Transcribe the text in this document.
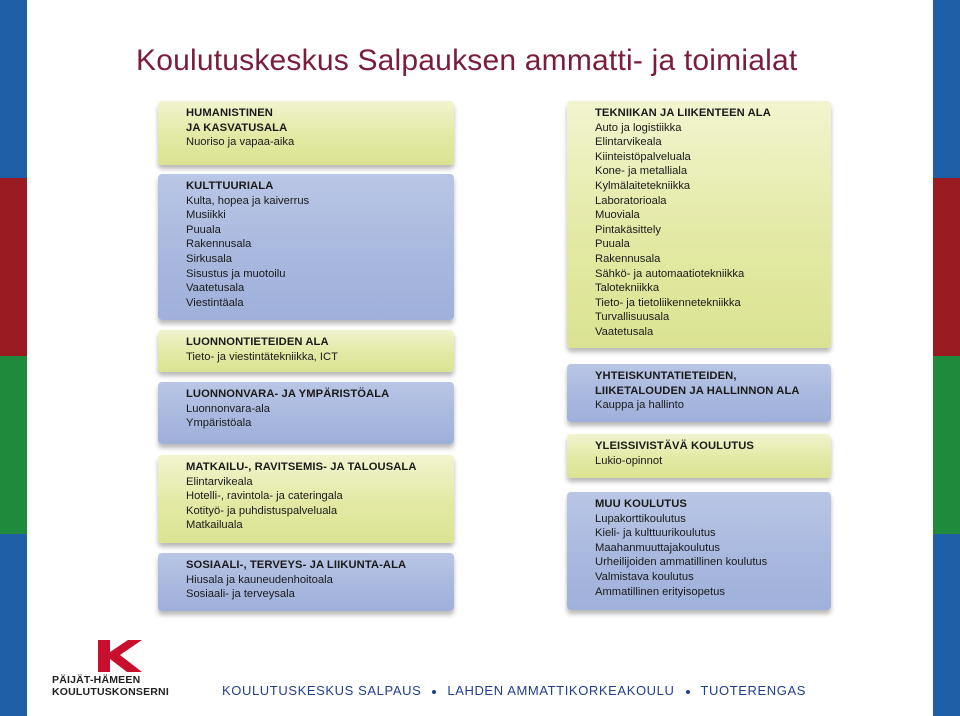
Koulutuskeskus Salpauksen ammatti- ja toimialat
HUMANISTINEN
JA KASVATUSALA
Nuoriso ja vapaa-aika
KULTTUURIALA
Kulta, hopea ja kaiverrus
Musiikki
Puuala
Rakennusala
Sirkusala
Sisustus ja muotoilu
Vaatetusala
Viestintäala
LUONNONTIETEIDEN ALA
Tieto- ja viestintätekniikka, ICT
LUONNONVARA- JA YMPÄRISTÖALA
Luonnonvara-ala
Ympäristöala
MATKAILU-, RAVITSEMIS- JA TALOUSALA
Elintarvikeala
Hotelli-, ravintola- ja cateringala
Kotityö- ja puhdistuspalveluala
Matkailuala
SOSIAALI-, TERVEYS- JA LIIKUNTA-ALA
Hiusala ja kauneudenhoitoala
Sosiaali- ja terveysala
TEKNIIKAN JA LIIKENTEEN ALA
Auto ja logistiikka
Elintarvikeala
Kiinteistöpalveluala
Kone- ja metalliala
Kylmälaitetekniikka
Laboratorioala
Muoviala
Pintakäsittely
Puuala
Rakennusala
Sähkö- ja automaatiotekniikka
Talotekniikka
Tieto- ja tietoliikennetekniikka
Turvallisuusala
Vaatetusala
YHTEISKUNTATIETEIDEN,
LIIKETALOUDEN JA HALLINNON ALA
Kauppa ja hallinto
YLEISSIVISTÄVÄ KOULUTUS
Lukio-opinnot
MUU KOULUTUS
Lupakorttikoulutus
Kieli- ja kulttuurikoulutus
Maahanmuuttajakoulutus
Urheilijoiden ammatillinen koulutus
Valmistava koulutus
Ammatillinen erityisopetus
PÄIJÄT-HÄMEEN
KOULUTUSKONSERNI	KOULUTUSKESKUS SALPAUS LAHDEN AMMATTIKORKEAKOULU TUOTERENGAS
